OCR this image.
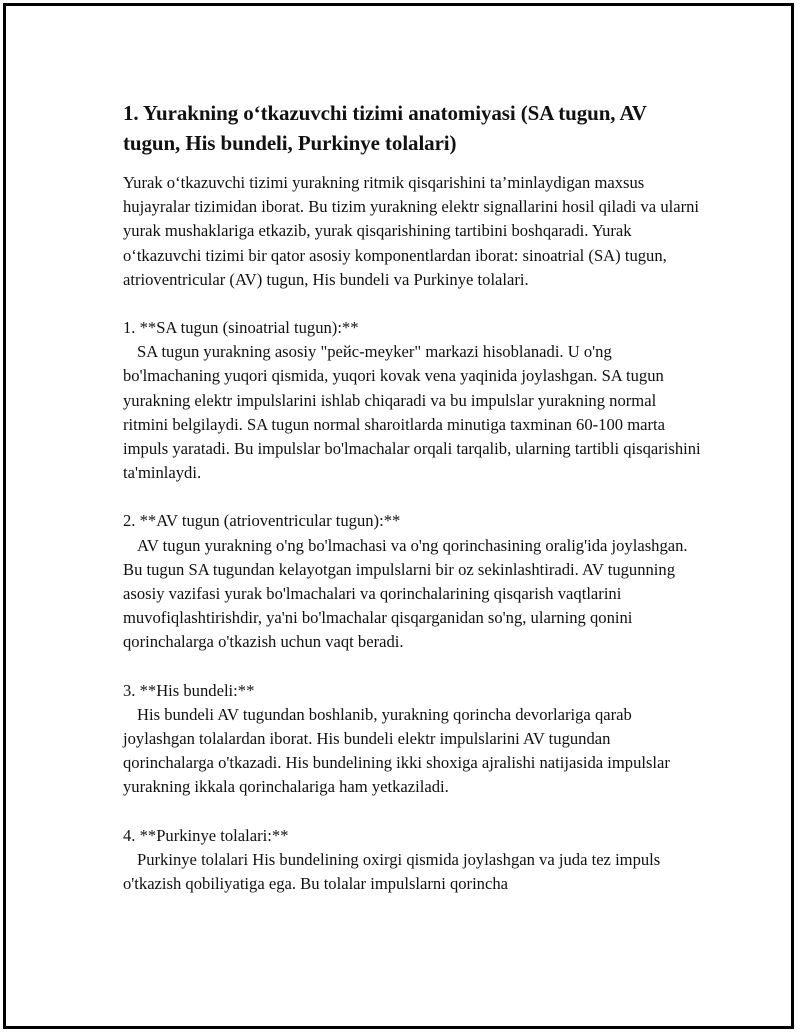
1. Yurakning o‘tkazuvchi tizimi anatomiyasi (SA tugun, AV tugun, His bundeli, Purkinye tolalari)

Yurak o‘tkazuvchi tizimi yurakning ritmik qisqarishini ta’minlaydigan maxsus hujayralar tizimidan iborat. Bu tizim yurakning elektr signallarini hosil qiladi va ularni yurak mushaklariga etkazib, yurak qisqarishining tartibini boshqaradi. Yurak o‘tkazuvchi tizimi bir qator asosiy komponentlardan iborat: sinoatrial (SA) tugun, atrioventricular (AV) tugun, His bundeli va Purkinye tolalari.

1. **SA tugun (sinoatrial tugun):**

SA tugun yurakning asosiy "рейс-meyker" markazi hisoblanadi. U o'ng bo'lmachaning yuqori qismida, yuqori kovak vena yaqinida joylashgan. SA tugun yurakning elektr impulslarini ishlab chiqaradi va bu impulslar yurakning normal ritmini belgilaydi. SA tugun normal sharoitlarda minutiga taxminan 60-100 marta impuls yaratadi. Bu impulslar bo'lmachalar orqali tarqalib, ularning tartibli qisqarishini ta'minlaydi.

2. **AV tugun (atrioventricular tugun):**

AV tugun yurakning o'ng bo'lmachasi va o'ng qorinchasining oralig'ida joylashgan. Bu tugun SA tugundan kelayotgan impulslarni bir oz sekinlashtiradi. AV tugunning asosiy vazifasi yurak bo'lmachalari va qorinchalarining qisqarish vaqtlarini muvofiqlashtirishdir, ya'ni bo'lmachalar qisqarganidan so'ng, ularning qonini qorinchalarga o'tkazish uchun vaqt beradi.

3. **His bundeli:**

His bundeli AV tugundan boshlanib, yurakning qorincha devorlariga qarab joylashgan tolalardan iborat. His bundeli elektr impulslarini AV tugundan qorinchalarga o'tkazadi. His bundelining ikki shoxiga ajralishi natijasida impulslar yurakning ikkala qorinchalariga ham yetkaziladi.

4. **Purkinye tolalari:**

Purkinye tolalari His bundelining oxirgi qismida joylashgan va juda tez impuls o'tkazish qobiliyatiga ega. Bu tolalar impulslarni qorincha
